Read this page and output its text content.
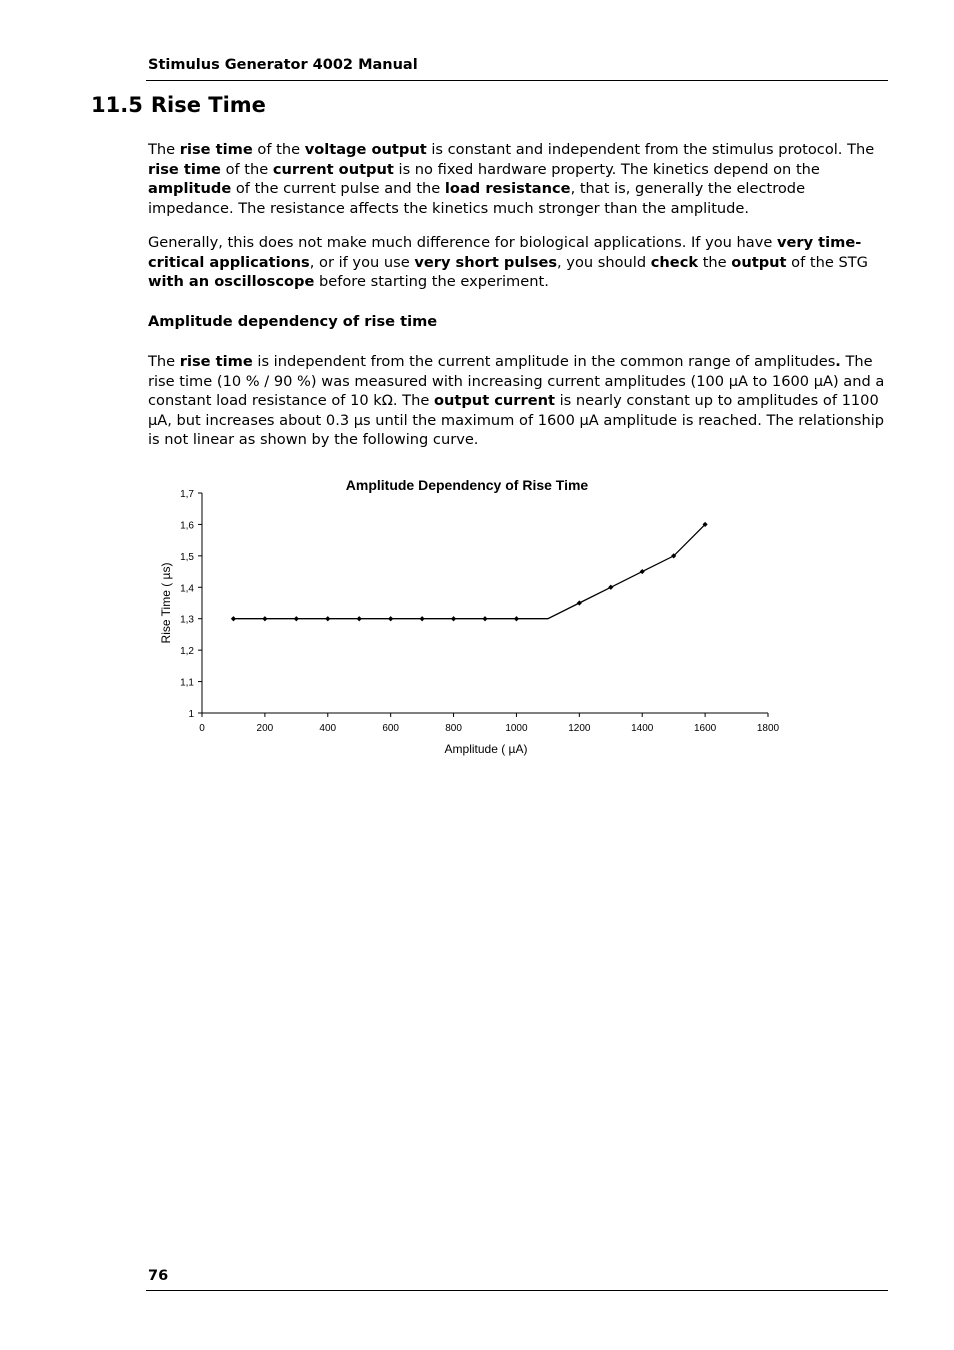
Stimulus Generator 4002 Manual
11.5 Rise Time

The rise time of the voltage output is constant and independent from the stimulus protocol. The rise time of the current output is no fixed hardware property. The kinetics depend on the amplitude of the current pulse and the load resistance, that is, generally the electrode impedance. The resistance affects the kinetics much stronger than the amplitude.

Generally, this does not make much difference for biological applications. If you have very time-critical applications, or if you use very short pulses, you should check the output of the STG with an oscilloscope before starting the experiment.

Amplitude dependency of rise time

The rise time is independent from the current amplitude in the common range of amplitudes. The rise time (10 % / 90 %) was measured with increasing current amplitudes (100 µA to 1600 µA) and a constant load resistance of 10 kΩ. The output current is nearly constant up to amplitudes of 1100 µA, but increases about 0.3 µs until the maximum of 1600 µA amplitude is reached. The relationship is not linear as shown by the following curve.

Amplitude Dependency of Rise Time
1
1,1
1,2
1,3
1,4
1,5
1,6
1,7
0	200	400	600	800	1000	1200	1400	1600	1800
Rise Time ( µs)
Amplitude ( µA)
76
